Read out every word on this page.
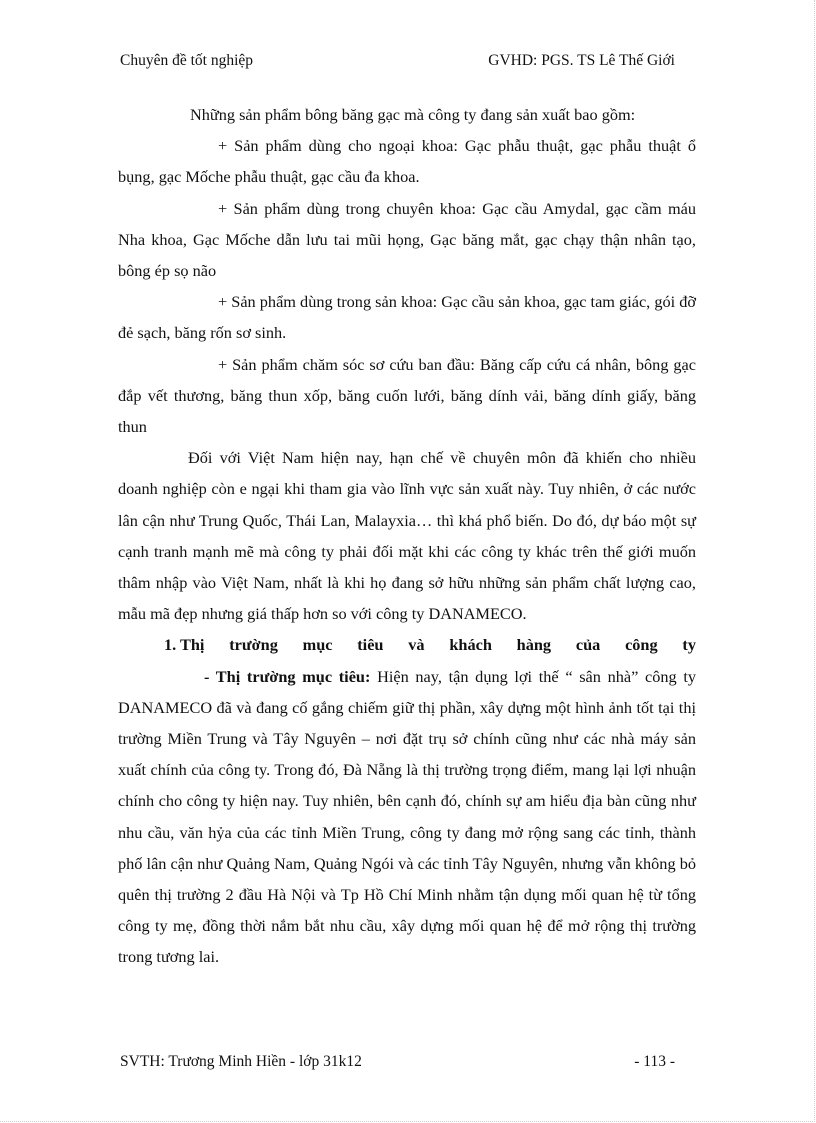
Chuyên đề tốt nghiệp	GVHD: PGS. TS Lê Thế Giới

Những sản phẩm bông băng gạc mà công ty đang sản xuất bao gồm:

+ Sản phẩm dùng cho ngoại khoa: Gạc phẫu thuật, gạc phẫu thuật ổ bụng, gạc Mốche phẫu thuật, gạc cầu đa khoa.

+ Sản phẩm dùng trong chuyên khoa: Gạc cầu Amydal, gạc cầm máu Nha khoa, Gạc Mốche dẫn lưu tai mũi họng, Gạc băng mắt, gạc chạy thận nhân tạo, bông ép sọ não

+ Sản phẩm dùng trong sản khoa: Gạc cầu sản khoa, gạc tam giác, gói đỡ đẻ sạch, băng rốn sơ sinh.

+ Sản phẩm chăm sóc sơ cứu ban đầu: Băng cấp cứu cá nhân, bông gạc đắp vết thương, băng thun xốp, băng cuốn lưới, băng dính vải, băng dính giấy, băng thun

Đối với Việt Nam hiện nay, hạn chế về chuyên môn đã khiến cho nhiều doanh nghiệp còn e ngại khi tham gia vào lĩnh vực sản xuất này. Tuy nhiên, ở các nước lân cận như Trung Quốc, Thái Lan, Malayxia… thì khá phổ biến. Do đó, dự báo một sự cạnh tranh mạnh mẽ mà công ty phải đối mặt khi các công ty khác trên thế giới muốn thâm nhập vào Việt Nam, nhất là khi họ đang sở hữu những sản phẩm chất lượng cao, mẫu mã đẹp nhưng giá thấp hơn so với công ty DANAMECO.

1. Thị trường mục tiêu và khách hàng của công ty

- Thị trường mục tiêu: Hiện nay, tận dụng lợi thế “ sân nhà” công ty DANAMECO đã và đang cố gắng chiếm giữ thị phần, xây dựng một hình ảnh tốt tại thị trường Miền Trung và Tây Nguyên – nơi đặt trụ sở chính cũng như các nhà máy sản xuất chính của công ty. Trong đó, Đà Nẵng là thị trường trọng điểm, mang lại lợi nhuận chính cho công ty hiện nay. Tuy nhiên, bên cạnh đó, chính sự am hiểu địa bàn cũng như nhu cầu, văn hỷa của các tỉnh Miền Trung, công ty đang mở rộng sang các tỉnh, thành phố lân cận như Quảng Nam, Quảng Ngói và các tỉnh Tây Nguyên, nhưng vẫn không bỏ quên thị trường 2 đầu Hà Nội và Tp Hồ Chí Minh nhằm tận dụng mối quan hệ từ tổng công ty mẹ, đồng thời nắm bắt nhu cầu, xây dựng mối quan hệ để mở rộng thị trường trong tương lai.

SVTH: Trương Minh Hiền - lớp 31k12	- 113 -
